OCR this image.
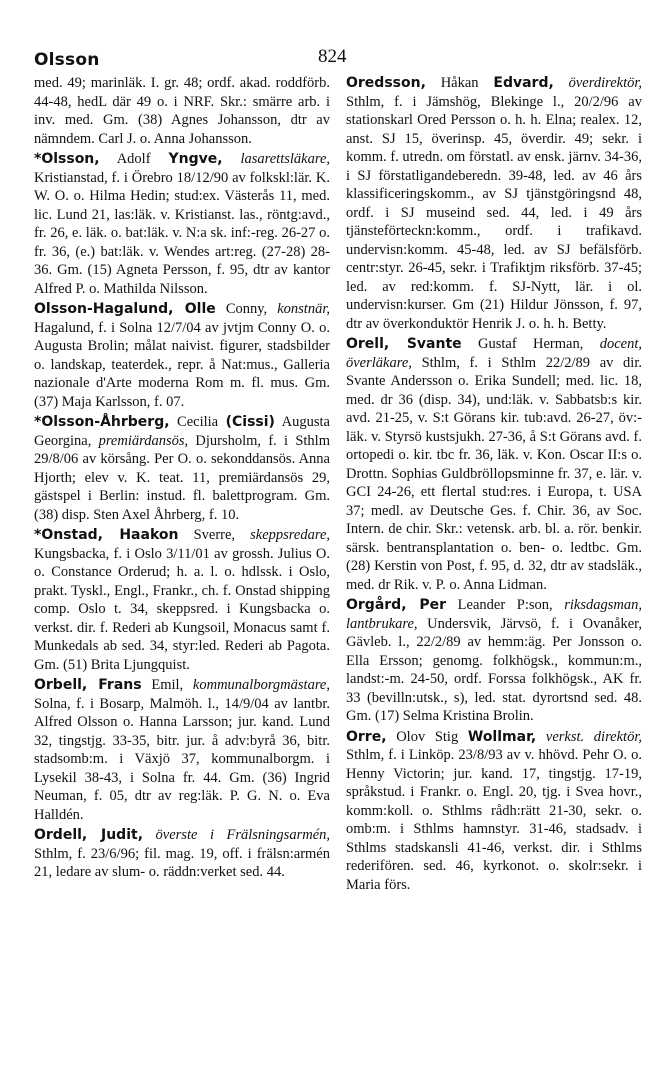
Olsson	824
med. 49; marinläk. I. gr. 48; ordf. akad. roddförb. 44-48, hedL där 49 o. i NRF. Skr.: smärre arb. i inv. med. Gm. (38) Agnes Johansson, dtr av nämndem. Carl J. o. Anna Johansson.
*Olsson, Adolf Yngve, lasarettsläkare, Kristianstad, f. i Örebro 18/12/90 av folkskl:lär. K. W. O. o. Hilma Hedin; stud:ex. Västerås 11, med. lic. Lund 21, las:läk. v. Kristianst. las., röntg:avd., fr. 26, e. läk. o. bat:läk. v. N:a sk. inf:-reg. 26-27 o. fr. 36, (e.) bat:läk. v. Wendes art:reg. (27-28) 28-36. Gm. (15) Agneta Persson, f. 95, dtr av kantor Alfred P. o. Mathilda Nilsson.
Olsson-Hagalund, Olle Conny, konstnär, Hagalund, f. i Solna 12/7/04 av jvtjm Conny O. o. Augusta Brolin; målat naivist. figurer, stadsbilder o. landskap, teaterdek., repr. å Nat:mus., Galleria nazionale d'Arte moderna Rom m. fl. mus. Gm. (37) Maja Karlsson, f. 07.
*Olsson-Åhrberg, Cecilia (Cissi) Augusta Georgina, premiärdansös, Djursholm, f. i Sthlm 29/8/06 av körsång. Per O. o. sekonddansös. Anna Hjorth; elev v. K. teat. 11, premiärdansös 29, gästspel i Berlin: instud. fl. balettprogram. Gm. (38) disp. Sten Axel Åhrberg, f. 10.
*Onstad, Haakon Sverre, skeppsredare, Kungsbacka, f. i Oslo 3/11/01 av grossh. Julius O. o. Constance Orderud; h. a. l. o. hdlssk. i Oslo, prakt. Tyskl., Engl., Frankr., ch. f. Onstad shipping comp. Oslo t. 34, skeppsred. i Kungsbacka o. verkst. dir. f. Rederi ab Kungsoil, Monacus samt f. Munkedals ab sed. 34, styr:led. Rederi ab Pagota. Gm. (51) Brita Ljungquist.
Orbell, Frans Emil, kommunalborgmästare, Solna, f. i Bosarp, Malmöh. l., 14/9/04 av lantbr. Alfred Olsson o. Hanna Larsson; jur. kand. Lund 32, tingstjg. 33-35, bitr. jur. å adv:byrå 36, bitr. stadsomb:m. i Växjö 37, kommunalborgm. i Lysekil 38-43, i Solna fr. 44. Gm. (36) Ingrid Neuman, f. 05, dtr av reg:läk. P. G. N. o. Eva Halldén.
Ordell, Judit, överste i Frälsningsarmén, Sthlm, f. 23/6/96; fil. mag. 19, off. i frälsn:armén 21, ledare av slum- o. räddn:verket sed. 44.
Oredsson, Håkan Edvard, överdirektör, Sthlm, f. i Jämshög, Blekinge l., 20/2/96 av stationskarl Ored Persson o. h. h. Elna; realex. 12, anst. SJ 15, överinsp. 45, överdir. 49; sekr. i komm. f. utredn. om förstatl. av ensk. järnv. 34-36, i SJ förstatligandeberedn. 39-48, led. av 46 års klassificeringskomm., av SJ tjänstgöringsnd 48, ordf. i SJ museind sed. 44, led. i 49 års tjänsteförteckn:komm., ordf. i trafikavd. undervisn:komm. 45-48, led. av SJ befälsförb. centr:styr. 26-45, sekr. i Trafiktjm riksförb. 37-45; led. av red:komm. f. SJ-Nytt, lär. i ol. undervisn:kurser. Gm (21) Hildur Jönsson, f. 97, dtr av överkonduktör Henrik J. o. h. h. Betty.
Orell, Svante Gustaf Herman, docent, överläkare, Sthlm, f. i Sthlm 22/2/89 av dir. Svante Andersson o. Erika Sundell; med. lic. 18, med. dr 36 (disp. 34), und:läk. v. Sabbatsb:s kir. avd. 21-25, v. S:t Görans kir. tub:avd. 26-27, öv:-läk. v. Styrsö kustsjukh. 27-36, å S:t Görans avd. f. ortopedi o. kir. tbc fr. 36, läk. v. Kon. Oscar II:s o. Drottn. Sophias Guldbröllopsminne fr. 37, e. lär. v. GCI 24-26, ett flertal stud:res. i Europa, t. USA 37; medl. av Deutsche Ges. f. Chir. 36, av Soc. Intern. de chir. Skr.: vetensk. arb. bl. a. rör. benkir. särsk. bentransplantation o. ben- o. ledtbc. Gm. (28) Kerstin von Post, f. 95, d. 32, dtr av stadsläk., med. dr Rik. v. P. o. Anna Lidman.
Orgård, Per Leander P:son, riksdagsman, lantbrukare, Undersvik, Järvsö, f. i Ovanåker, Gävleb. l., 22/2/89 av hemm:äg. Per Jonsson o. Ella Ersson; genomg. folkhögsk., kommun:m., landst:-m. 24-50, ordf. Forssa folkhögsk., AK fr. 33 (bevilln:utsk., s), led. stat. dyrortsnd sed. 48. Gm. (17) Selma Kristina Brolin.
Orre, Olov Stig Wollmar, verkst. direktör, Sthlm, f. i Linköp. 23/8/93 av v. hhövd. Pehr O. o. Henny Victorin; jur. kand. 17, tingstjg. 17-19, språkstud. i Frankr. o. Engl. 20, tjg. i Svea hovr., komm:koll. o. Sthlms rådh:rätt 21-30, sekr. o. omb:m. i Sthlms hamnstyr. 31-46, stadsadv. i Sthlms stadskansli 41-46, verkst. dir. i Sthlms rederifören. sed. 46, kyrkonot. o. skolr:sekr. i Maria förs.
